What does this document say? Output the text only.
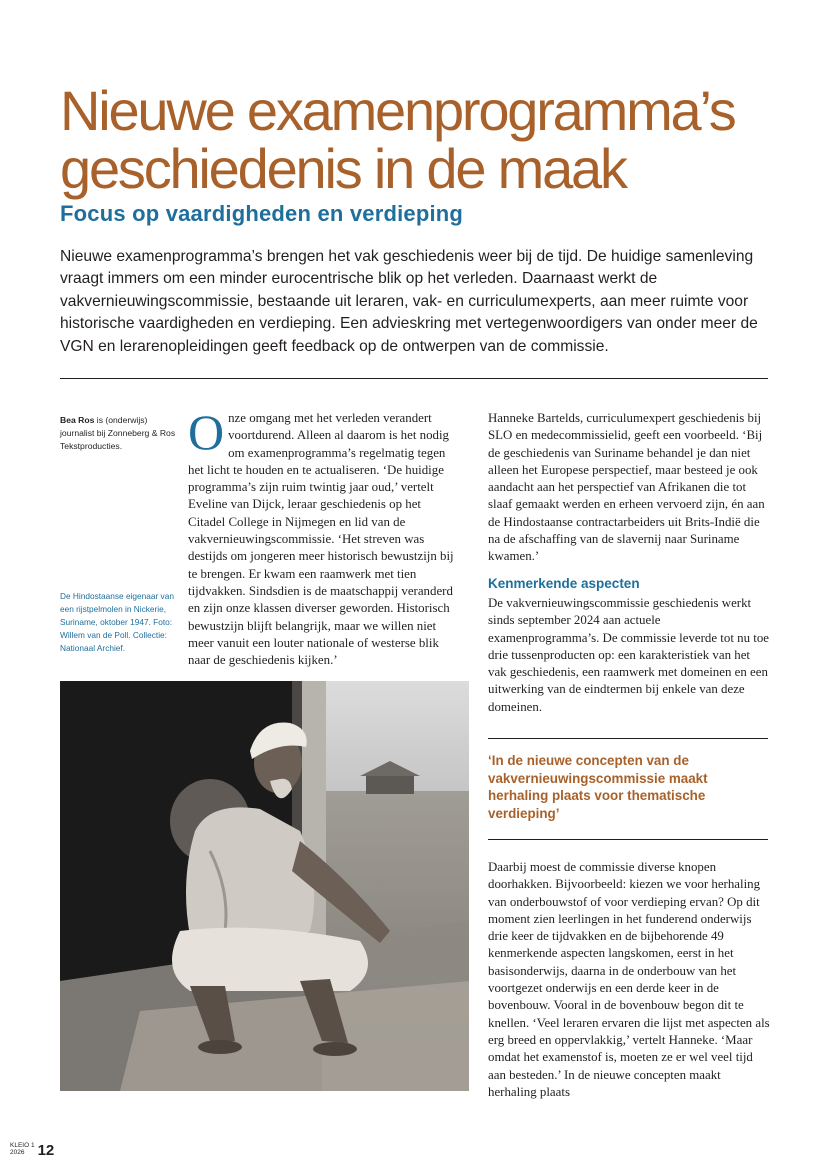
Nieuwe examenprogramma’s
geschiedenis in de maak
Focus op vaardigheden en verdieping

Nieuwe examenprogramma’s brengen het vak geschiedenis weer bij de tijd. De huidige samenleving vraagt immers om een minder eurocentrische blik op het verleden. Daarnaast werkt de vakvernieuwingscommissie, bestaande uit leraren, vak- en curriculumexperts, aan meer ruimte voor historische vaardigheden en verdieping. Een advieskring met vertegenwoordigers van onder meer de VGN en lerarenopleidingen geeft feedback op de ontwerpen van de commissie.

Bea Ros is (onderwijs) journalist bij Zonneberg & Ros Tekstproducties.
De Hindostaanse eigenaar van een rijstpelmolen in Nickerie, Suriname, oktober 1947. Foto: Willem van de Poll. Collectie: Nationaal Archief.
Onze omgang met het verleden verandert voortdurend. Alleen al daarom is het nodig om examenprogramma’s regelmatig tegen het licht te houden en te actualiseren. ‘De huidige programma’s zijn ruim twintig jaar oud,’ vertelt Eveline van Dijck, leraar geschiedenis op het Citadel College in Nijmegen en lid van de vakvernieuwingscommissie. ‘Het streven was destijds om jongeren meer historisch bewustzijn bij te brengen. Er kwam een raamwerk met tien tijdvakken. Sindsdien is de maatschappij veranderd en zijn onze klassen diverser geworden. Historisch bewustzijn blijft belangrijk, maar we willen niet meer vanuit een louter nationale of westerse blik naar de geschiedenis kijken.’
Hanneke Bartelds, curriculumexpert geschiedenis bij SLO en medecommissielid, geeft een voorbeeld. ‘Bij de geschiedenis van Suriname behandel je dan niet alleen het Europese perspectief, maar besteed je ook aandacht aan het perspectief van Afrikanen die tot slaaf gemaakt werden en erheen vervoerd zijn, én aan de Hindostaanse contractarbeiders uit Brits-Indië die na de afschaffing van de slavernij naar Suriname kwamen.’
Kenmerkende aspecten
De vakvernieuwingscommissie geschiedenis werkt sinds september 2024 aan actuele examenprogramma’s. De commissie leverde tot nu toe drie tussenproducten op: een karakteristiek van het vak geschiedenis, een raamwerk met domeinen en een uitwerking van de eindtermen bij enkele van deze domeinen.
‘In de nieuwe concepten van de vakvernieuwingscommissie maakt herhaling plaats voor thematische verdieping’
Daarbij moest de commissie diverse knopen doorhakken. Bijvoorbeeld: kiezen we voor herhaling van onderbouwstof of voor verdieping ervan? Op dit moment zien leerlingen in het funderend onderwijs drie keer de tijdvakken en de bijbehorende 49 kenmerkende aspecten langskomen, eerst in het basisonderwijs, daarna in de onderbouw van het voortgezet onderwijs en een derde keer in de bovenbouw. Vooral in de bovenbouw begon dit te knellen. ‘Veel leraren ervaren die lijst met aspecten als erg breed en oppervlakkig,’ vertelt Hanneke. ‘Maar omdat het examenstof is, moeten ze er wel veel tijd aan besteden.’ In de nieuwe concepten maakt herhaling plaats
KLEIO 1
2026 12
